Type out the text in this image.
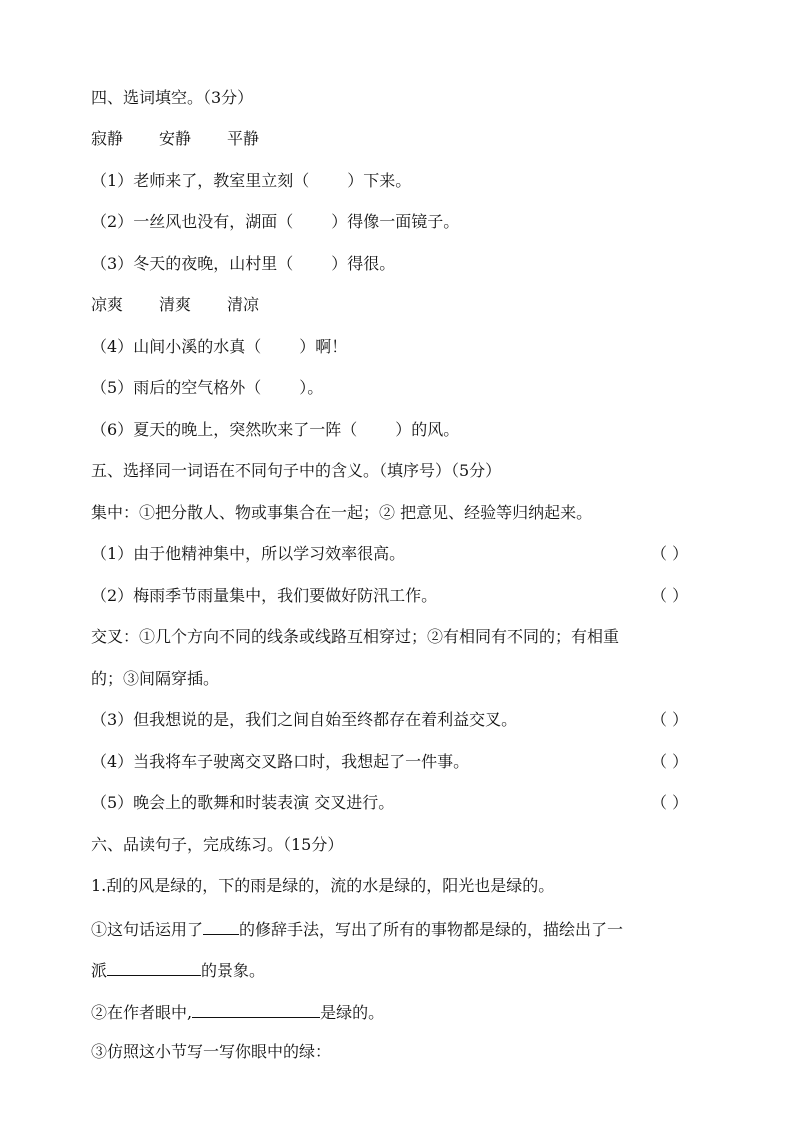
四、选词填空。（3分）
寂静 安静 平静
（1）老师来了，教室里立刻（ ）下来。
（2）一丝风也没有，湖面（ ）得像一面镜子。
（3）冬天的夜晚，山村里（ ）得很。
凉爽 清爽 清凉
（4）山间小溪的水真（ ）啊！
（5）雨后的空气格外（ ）。
（6）夏天的晚上，突然吹来了一阵（ ）的风。
五、选择同一词语在不同句子中的含义。（填序号）（5分）
集中：①把分散人、物或事集合在一起；② 把意见、经验等归纳起来。
（1）由于他精神集中，所以学习效率很高。	（ ）
（2）梅雨季节雨量集中，我们要做好防汛工作。	（ ）
交叉：①几个方向不同的线条或线路互相穿过；②有相同有不同的；有相重
的；③间隔穿插。
（3）但我想说的是，我们之间自始至终都存在着利益交叉。	（ ）
（4）当我将车子驶离交叉路口时，我想起了一件事。	（ ）
（5）晚会上的歌舞和时装表演 交叉进行。	（ ）
六、品读句子，完成练习。（15分）
1.刮的风是绿的，下的雨是绿的，流的水是绿的，阳光也是绿的。
①这句话运用了 的修辞手法，写出了所有的事物都是绿的，描绘出了一
派	的景象。
②在作者眼中,	是绿的。
③仿照这小节写一写你眼中的绿：
